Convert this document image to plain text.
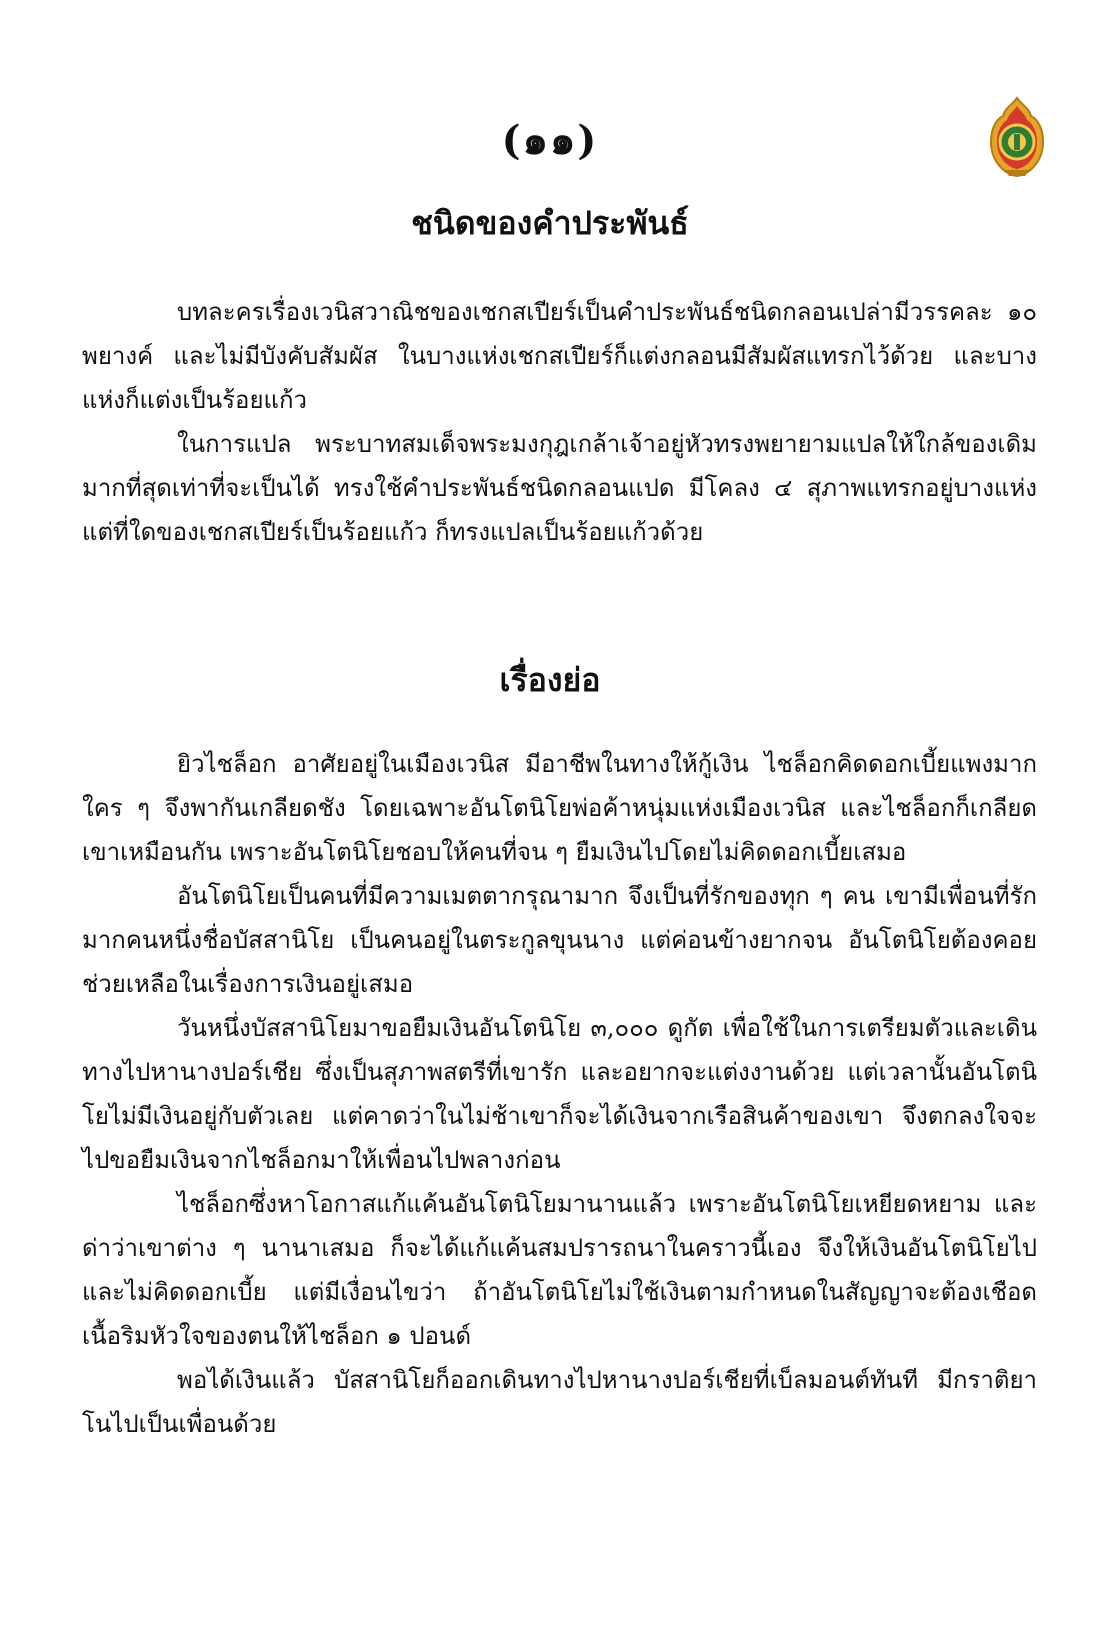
(๑๑)
ชนิดของคำประพันธ์

บทละครเรื่องเวนิสวาณิชของเชกสเปียร์เป็นคำประพันธ์ชนิดกลอนเปล่ามีวรรคละ ๑๐ พยางค์ และไม่มีบังคับสัมผัส ในบางแห่งเชกสเปียร์ก็แต่งกลอนมีสัมผัสแทรกไว้ด้วย และบางแห่งก็แต่งเป็นร้อยแก้ว

ในการแปล พระบาทสมเด็จพระมงกุฎเกล้าเจ้าอยู่หัวทรงพยายามแปลให้ใกล้ของเดิมมากที่สุดเท่าที่จะเป็นได้ ทรงใช้คำประพันธ์ชนิดกลอนแปด มีโคลง ๔ สุภาพแทรกอยู่บางแห่ง แต่ที่ใดของเชกสเปียร์เป็นร้อยแก้ว ก็ทรงแปลเป็นร้อยแก้วด้วย

เรื่องย่อ

ยิวไชล็อก อาศัยอยู่ในเมืองเวนิส มีอาชีพในทางให้กู้เงิน ไชล็อกคิดดอกเบี้ยแพงมาก ใคร ๆ จึงพากันเกลียดชัง โดยเฉพาะอันโตนิโยพ่อค้าหนุ่มแห่งเมืองเวนิส และไชล็อกก็เกลียดเขาเหมือนกัน เพราะอันโตนิโยชอบให้คนที่จน ๆ ยืมเงินไปโดยไม่คิดดอกเบี้ยเสมอ

อันโตนิโยเป็นคนที่มีความเมตตากรุณามาก จึงเป็นที่รักของทุก ๆ คน เขามีเพื่อนที่รักมากคนหนึ่งชื่อบัสสานิโย เป็นคนอยู่ในตระกูลขุนนาง แต่ค่อนข้างยากจน อันโตนิโยต้องคอยช่วยเหลือในเรื่องการเงินอยู่เสมอ

วันหนึ่งบัสสานิโยมาขอยืมเงินอันโตนิโย ๓,๐๐๐ ดูกัต เพื่อใช้ในการเตรียมตัวและเดินทางไปหานางปอร์เชีย ซึ่งเป็นสุภาพสตรีที่เขารัก และอยากจะแต่งงานด้วย แต่เวลานั้นอันโตนิโยไม่มีเงินอยู่กับตัวเลย แต่คาดว่าในไม่ช้าเขาก็จะได้เงินจากเรือสินค้าของเขา จึงตกลงใจจะไปขอยืมเงินจากไชล็อกมาให้เพื่อนไปพลางก่อน

ไชล็อกซึ่งหาโอกาสแก้แค้นอันโตนิโยมานานแล้ว เพราะอันโตนิโยเหยียดหยาม และด่าว่าเขาต่าง ๆ นานาเสมอ ก็จะได้แก้แค้นสมปรารถนาในคราวนี้เอง จึงให้เงินอันโตนิโยไป และไม่คิดดอกเบี้ย แต่มีเงื่อนไขว่า ถ้าอันโตนิโยไม่ใช้เงินตามกำหนดในสัญญาจะต้องเชือดเนื้อริมหัวใจของตนให้ไชล็อก ๑ ปอนด์

พอได้เงินแล้ว บัสสานิโยก็ออกเดินทางไปหานางปอร์เชียที่เบ็ลมอนต์ทันที มีกราติยาโนไปเป็นเพื่อนด้วย
